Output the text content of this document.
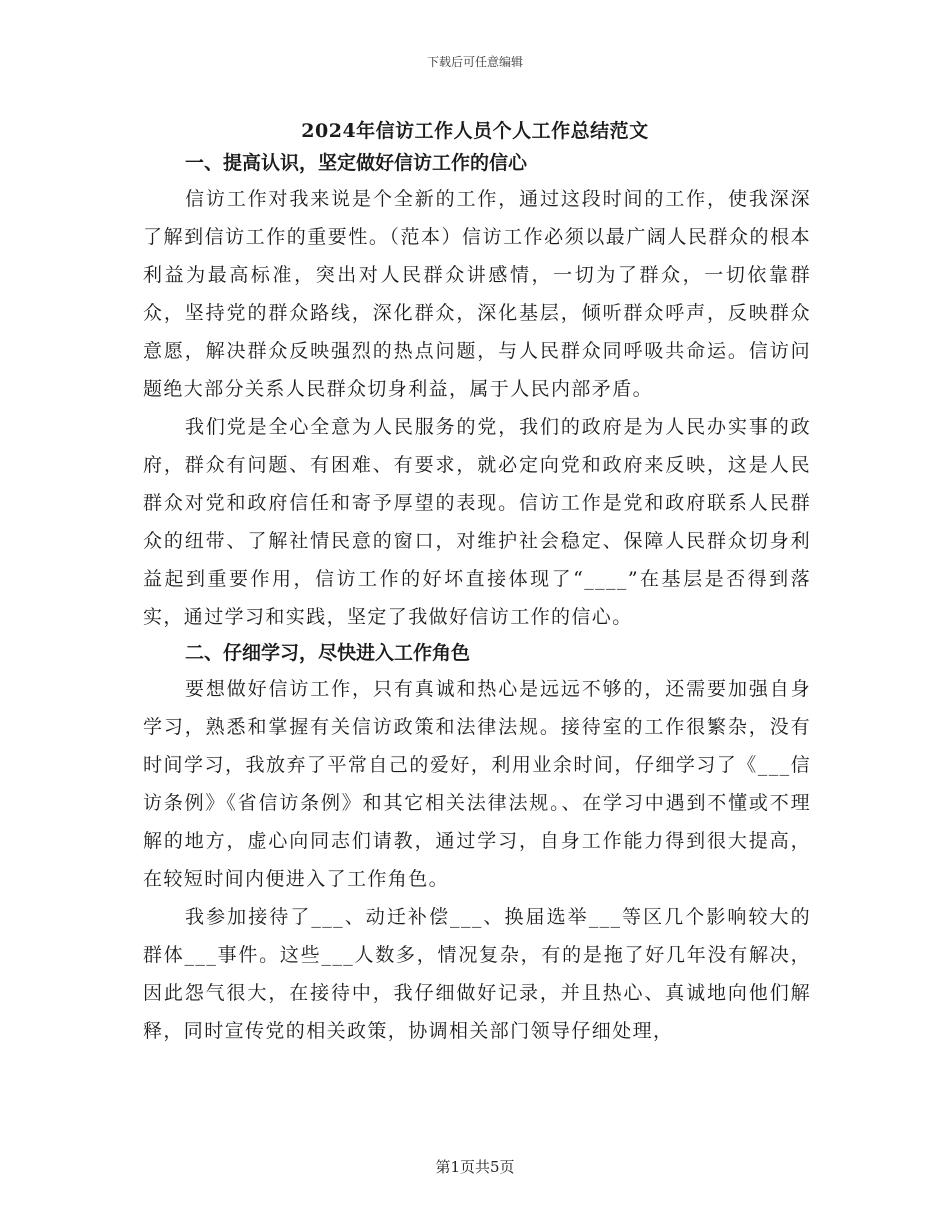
下载后可任意编辑
2024年信访工作人员个人工作总结范文
一、提高认识，坚定做好信访工作的信心

信访工作对我来说是个全新的工作，通过这段时间的工作，使我深深了解到信访工作的重要性。（范本）信访工作必须以最广阔人民群众的根本利益为最高标准，突出对人民群众讲感情，一切为了群众，一切依靠群众，坚持党的群众路线，深化群众，深化基层，倾听群众呼声，反映群众意愿，解决群众反映强烈的热点问题，与人民群众同呼吸共命运。信访问题绝大部分关系人民群众切身利益，属于人民内部矛盾。

我们党是全心全意为人民服务的党，我们的政府是为人民办实事的政府，群众有问题、有困难、有要求，就必定向党和政府来反映，这是人民群众对党和政府信任和寄予厚望的表现。信访工作是党和政府联系人民群众的纽带、了解社情民意的窗口，对维护社会稳定、保障人民群众切身利益起到重要作用，信访工作的好坏直接体现了“____”在基层是否得到落实，通过学习和实践，坚定了我做好信访工作的信心。

二、仔细学习，尽快进入工作角色

要想做好信访工作，只有真诚和热心是远远不够的，还需要加强自身学习，熟悉和掌握有关信访政策和法律法规。接待室的工作很繁杂，没有时间学习，我放弃了平常自己的爱好，利用业余时间，仔细学习了《___信访条例》《省信访条例》和其它相关法律法规。、在学习中遇到不懂或不理解的地方，虚心向同志们请教，通过学习，自身工作能力得到很大提高，在较短时间内便进入了工作角色。

我参加接待了___、动迁补偿___、换届选举___等区几个影响较大的群体___事件。这些___人数多，情况复杂，有的是拖了好几年没有解决，因此怨气很大，在接待中，我仔细做好记录，并且热心、真诚地向他们解释，同时宣传党的相关政策，协调相关部门领导仔细处理，

第1页共5页
